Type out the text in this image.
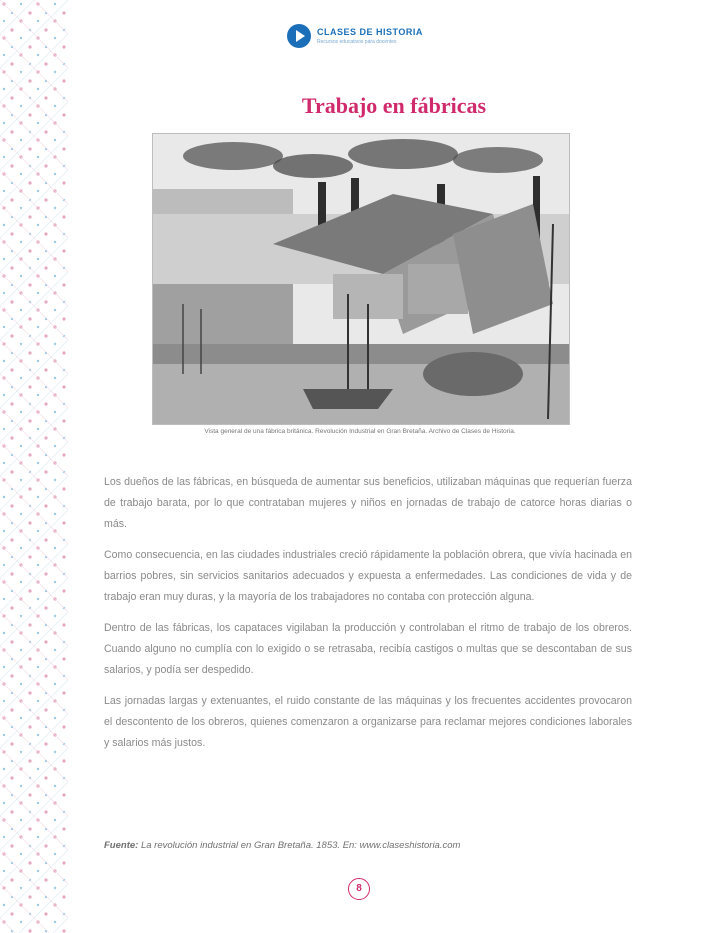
CLASES DE HISTORIA
Recursos educativos para docentes
Trabajo en fábricas
Vista general de una fábrica británica. Revolución Industrial en Gran Bretaña. Archivo de Clases de Historia.

Los dueños de las fábricas, en búsqueda de aumentar sus beneficios, utilizaban máquinas que requerían fuerza de trabajo barata, por lo que contrataban mujeres y niños en jornadas de trabajo de catorce horas diarias o más.

Como consecuencia, en las ciudades industriales creció rápidamente la población obrera, que vivía hacinada en barrios pobres, sin servicios sanitarios adecuados y expuesta a enfermedades. Las condiciones de vida y de trabajo eran muy duras, y la mayoría de los trabajadores no contaba con protección alguna.

Dentro de las fábricas, los capataces vigilaban la producción y controlaban el ritmo de trabajo de los obreros. Cuando alguno no cumplía con lo exigido o se retrasaba, recibía castigos o multas que se descontaban de sus salarios, y podía ser despedido.

Las jornadas largas y extenuantes, el ruido constante de las máquinas y los frecuentes accidentes provocaron el descontento de los obreros, quienes comenzaron a organizarse para reclamar mejores condiciones laborales y salarios más justos.

Fuente: La revolución industrial en Gran Bretaña. 1853. En: www.claseshistoria.com
8
